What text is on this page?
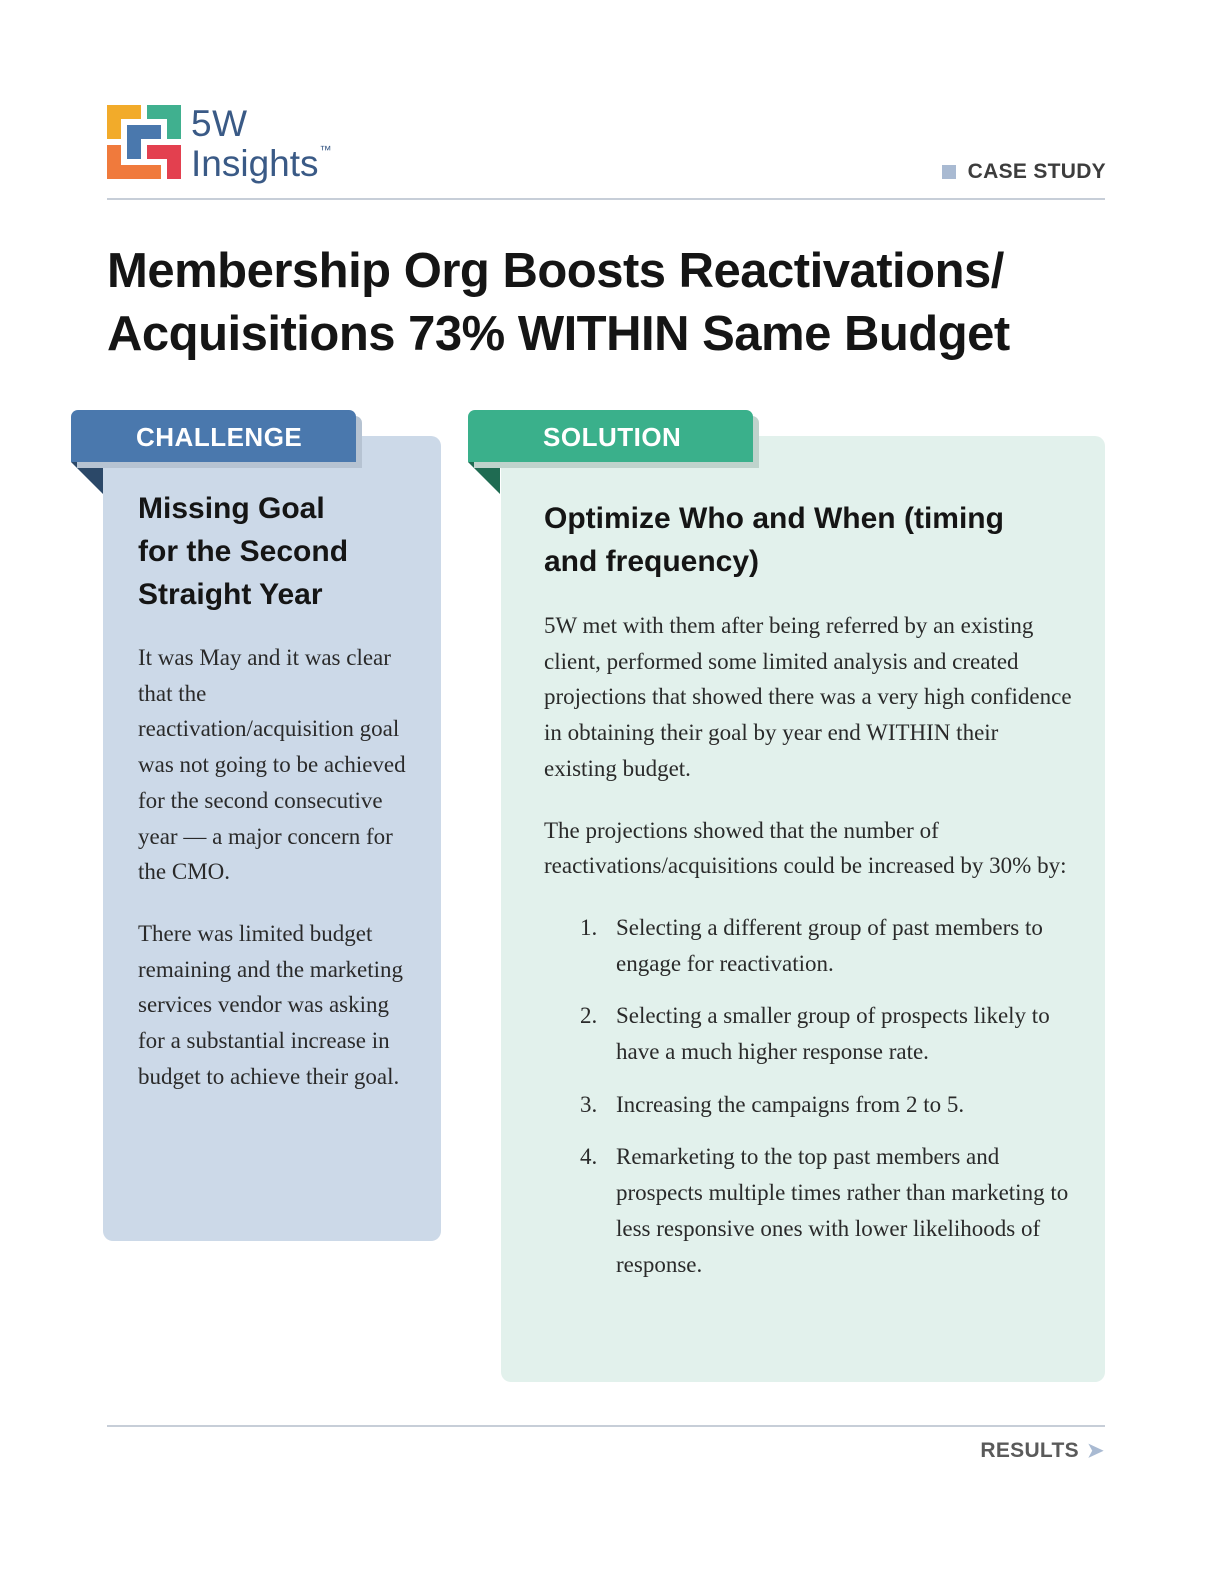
5W
Insights™
CASE STUDY
Membership Org Boosts Reactivations/
Acquisitions 73% WITHIN Same Budget
CHALLENGE
Missing Goal
for the Second
Straight Year

It was May and it was clear that the reactivation/acquisition goal was not going to be achieved for the second consecutive year — a major concern for the CMO.

There was limited budget remaining and the marketing services vendor was asking for a substantial increase in budget to achieve their goal.

SOLUTION
Optimize Who and When (timing
and frequency)

5W met with them after being referred by an existing client, performed some limited analysis and created projections that showed there was a very high confidence in obtaining their goal by year end WITHIN their existing budget.

The projections showed that the number of reactivations/acquisitions could be increased by 30% by:

1. Selecting a different group of past members to engage for reactivation.
2. Selecting a smaller group of prospects likely to have a much higher response rate.
3. Increasing the campaigns from 2 to 5.
4. Remarketing to the top past members and prospects multiple times rather than marketing to less responsive ones with lower likelihoods of response.
RESULTS ➤
